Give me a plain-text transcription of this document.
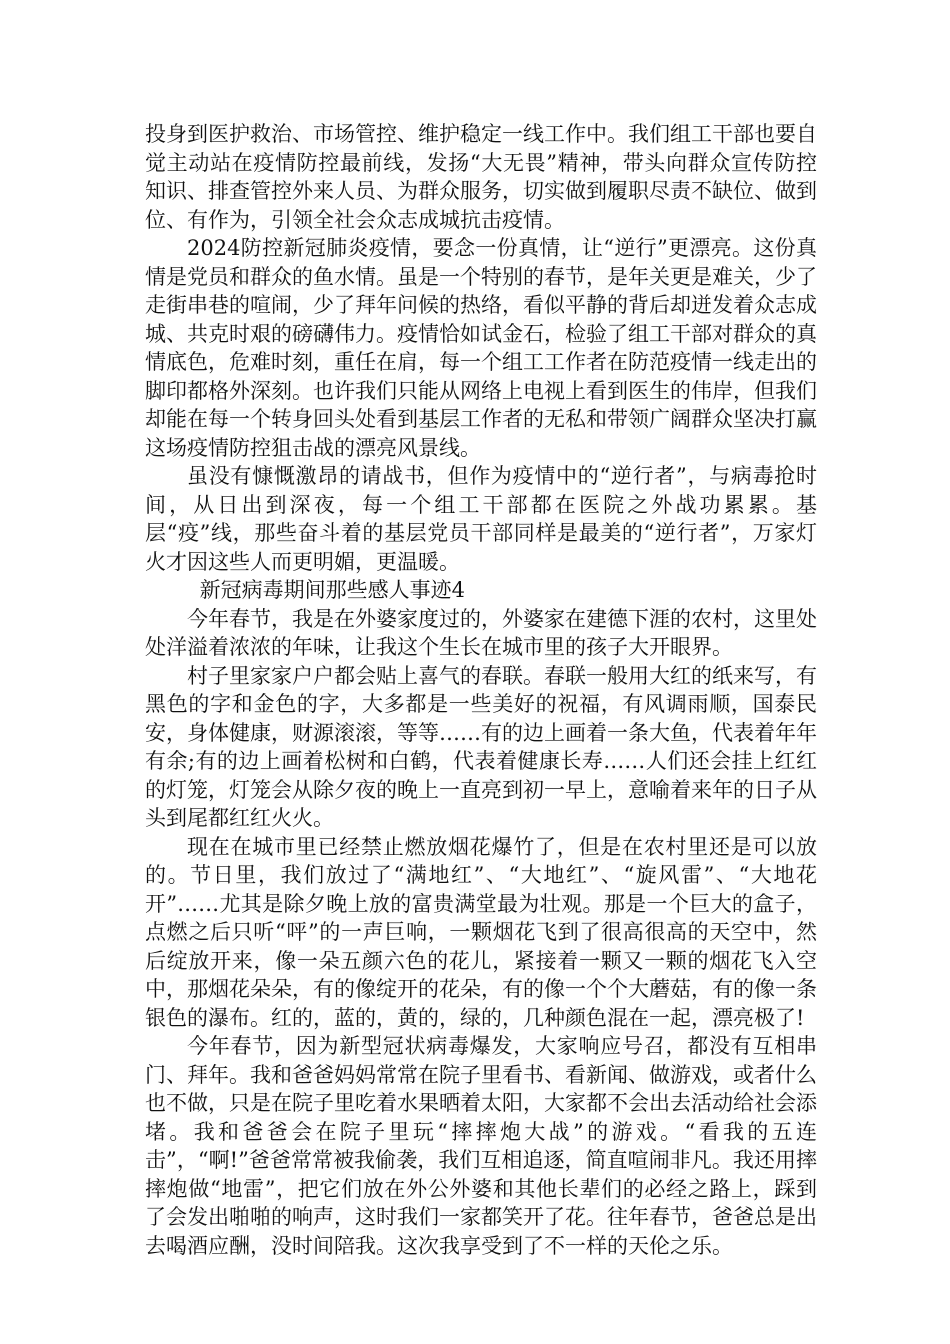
投身到医护救治、市场管控、维护稳定一线工作中。我们组工干部也要自觉主动站在疫情防控最前线，发扬“大无畏”精神，带头向群众宣传防控知识、排查管控外来人员、为群众服务，切实做到履职尽责不缺位、做到位、有作为，引领全社会众志成城抗击疫情。

2024防控新冠肺炎疫情，要念一份真情，让“逆行”更漂亮。这份真情是党员和群众的鱼水情。虽是一个特别的春节，是年关更是难关，少了走街串巷的喧闹，少了拜年问候的热络，看似平静的背后却迸发着众志成城、共克时艰的磅礴伟力。疫情恰如试金石，检验了组工干部对群众的真情底色，危难时刻，重任在肩，每一个组工工作者在防范疫情一线走出的脚印都格外深刻。也许我们只能从网络上电视上看到医生的伟岸，但我们却能在每一个转身回头处看到基层工作者的无私和带领广阔群众坚决打赢这场疫情防控狙击战的漂亮风景线。

虽没有慷慨激昂的请战书，但作为疫情中的“逆行者”，与病毒抢时间，从日出到深夜，每一个组工干部都在医院之外战功累累。基层“疫”线，那些奋斗着的基层党员干部同样是最美的“逆行者”，万家灯火才因这些人而更明媚，更温暖。

新冠病毒期间那些感人事迹4

今年春节，我是在外婆家度过的，外婆家在建德下涯的农村，这里处处洋溢着浓浓的年味，让我这个生长在城市里的孩子大开眼界。

村子里家家户户都会贴上喜气的春联。春联一般用大红的纸来写，有黑色的字和金色的字，大多都是一些美好的祝福，有风调雨顺，国泰民安，身体健康，财源滚滚，等等……有的边上画着一条大鱼，代表着年年有余;有的边上画着松树和白鹤，代表着健康长寿……人们还会挂上红红的灯笼，灯笼会从除夕夜的晚上一直亮到初一早上，意喻着来年的日子从头到尾都红红火火。

现在在城市里已经禁止燃放烟花爆竹了，但是在农村里还是可以放的。节日里，我们放过了“满地红”、“大地红”、“旋风雷”、“大地花开”……尤其是除夕晚上放的富贵满堂最为壮观。那是一个巨大的盒子，点燃之后只听“呯”的一声巨响，一颗烟花飞到了很高很高的天空中，然后绽放开来，像一朵五颜六色的花儿，紧接着一颗又一颗的烟花飞入空中，那烟花朵朵，有的像绽开的花朵，有的像一个个大蘑菇，有的像一条银色的瀑布。红的，蓝的，黄的，绿的，几种颜色混在一起，漂亮极了!

今年春节，因为新型冠状病毒爆发，大家响应号召，都没有互相串门、拜年。我和爸爸妈妈常常在院子里看书、看新闻、做游戏，或者什么也不做，只是在院子里吃着水果晒着太阳，大家都不会出去活动给社会添堵。我和爸爸会在院子里玩“摔摔炮大战”的游戏。“看我的五连击”，“啊!”爸爸常常被我偷袭，我们互相追逐，简直喧闹非凡。我还用摔摔炮做“地雷”，把它们放在外公外婆和其他长辈们的必经之路上，踩到了会发出啪啪的响声，这时我们一家都笑开了花。往年春节，爸爸总是出去喝酒应酬，没时间陪我。这次我享受到了不一样的天伦之乐。
